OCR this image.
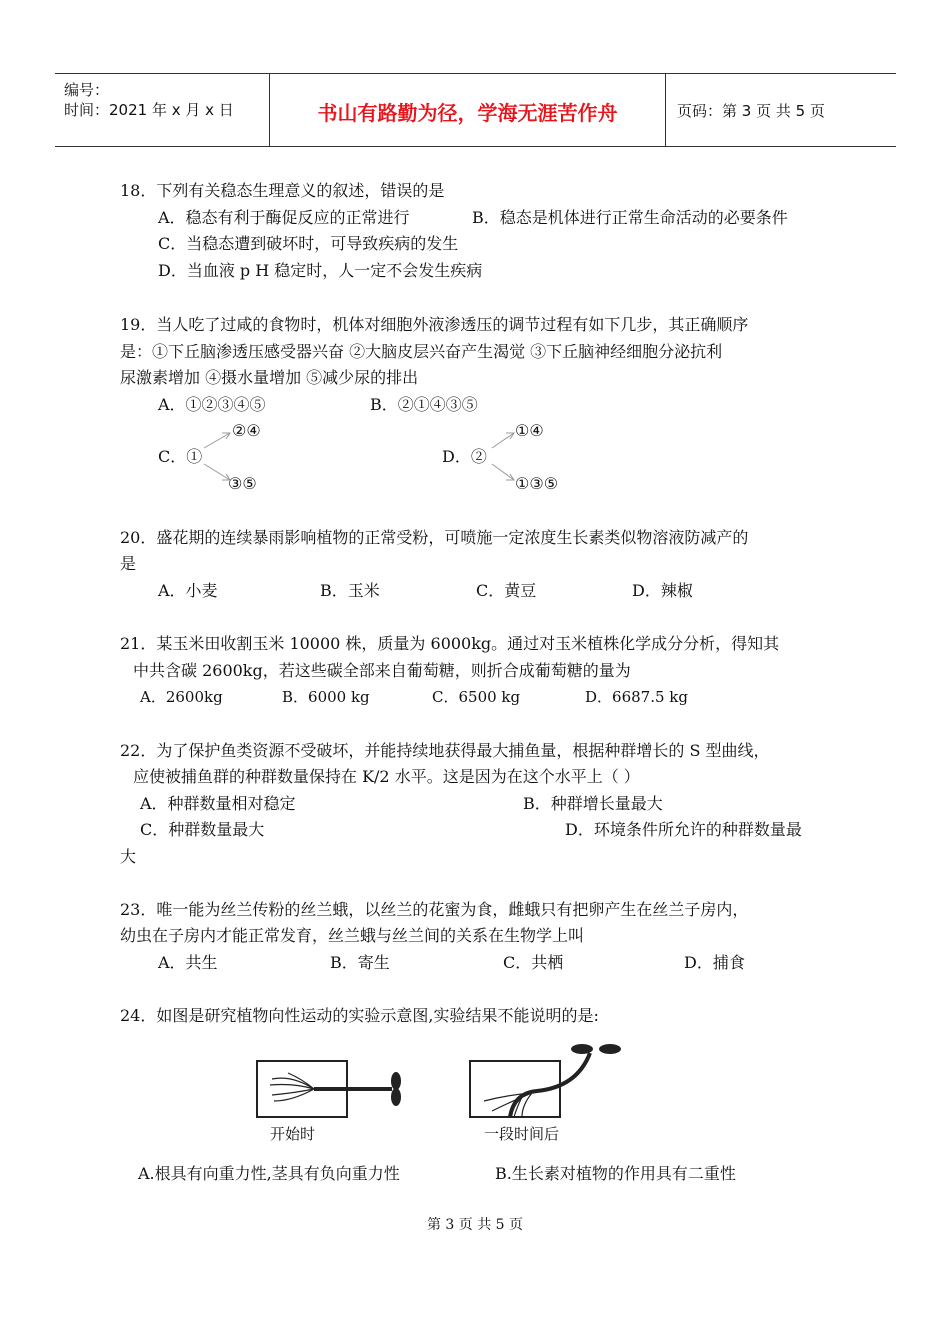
编号：
时间：2021 年 x 月 x 日	书山有路勤为径，学海无涯苦作舟	页码：第 3 页 共 5 页
18．下列有关稳态生理意义的叙述，错误的是
A．稳态有利于酶促反应的正常进行	B．稳态是机体进行正常生命活动的必要条件
C．当稳态遭到破坏时，可导致疾病的发生
D．当血液 p H 稳定时，人一定不会发生疾病
19．当人吃了过咸的食物时，机体对细胞外液渗透压的调节过程有如下几步，其正确顺序
是：①下丘脑渗透压感受器兴奋 ②大脑皮层兴奋产生渴觉 ③下丘脑神经细胞分泌抗利
尿激素增加 ④摄水量增加 ⑤减少尿的排出
A．①②③④⑤	B．②①④③⑤
②④
C．①
③⑤
①④
D．②
①③⑤
20．盛花期的连续暴雨影响植物的正常受粉，可喷施一定浓度生长素类似物溶液防减产的
是
A．小麦	B．玉米	C．黄豆	D．辣椒
21．某玉米田收割玉米 10000 株，质量为 6000kg。通过对玉米植株化学成分分析，得知其
中共含碳 2600kg，若这些碳全部来自葡萄糖，则折合成葡萄糖的量为
A．2600kg	B．6000 kg	C．6500 kg	D．6687.5 kg
22．为了保护鱼类资源不受破坏，并能持续地获得最大捕鱼量，根据种群增长的 S 型曲线，
应使被捕鱼群的种群数量保持在 K/2 水平。这是因为在这个水平上（ ）
A．种群数量相对稳定	B．种群增长量最大
C．种群数量最大	D．环境条件所允许的种群数量最
大
23．唯一能为丝兰传粉的丝兰蛾，以丝兰的花蜜为食，雌蛾只有把卵产生在丝兰子房内，
幼虫在子房内才能正常发育，丝兰蛾与丝兰间的关系在生物学上叫
A．共生	B．寄生	C．共栖	D．捕食
24．如图是研究植物向性运动的实验示意图,实验结果不能说明的是:
开始时	一段时间后
A.根具有向重力性,茎具有负向重力性	B.生长素对植物的作用具有二重性
第 3 页 共 5 页
